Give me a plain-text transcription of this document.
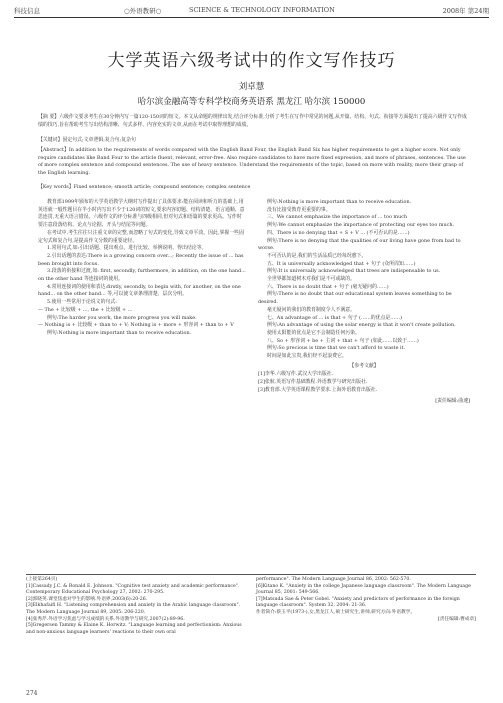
科技信息	○外语教研○	SCIENCE & TECHNOLOGY INFORMATION	2008年 第24期
大学英语六级考试中的作文写作技巧
刘卓慧
哈尔滨金融高等专科学校商务英语系 黑龙江 哈尔滨 150000
【摘 要】六级作文要求考生在30分钟内写一篇120-150词的短文。本文从命题的规律出发,结合评分标准,分析了考生在写作中常见的问题,从开篇、结构、句式、衔接等方面提出了提高六级作文写作成绩的技巧,旨在帮助考生写出结构清晰、句式多样、内容充实的文章,从而在考试中取得理想的成绩。
【关键词】固定句式;文章逻辑;复合句;复杂句
【Abstract】In addition to the requirements of words compared with the English Band Four, the English Band Six has higher requirements to get a higher score. Not only require candidates like Band Four to the article fluent, relevant, error-free. Also require candidates to have more fixed expression, and more of phrases, sentences. The use of more complex sentence and compound sentences. The use of heavy sentence. Understand the requirements of the topic, based on more with reality, more their grasp of the English learning.
【Key words】Fixed sentence; smooth article; compound sentence; complex sentence

教育部1999年颁布的大学英语教学大纲对写作提出了具体要求:能在阅读和听力的基础上,用英语就一般性题目在半小时内写出不少于120词的短文,要求内容切题、结构清楚、语言通顺、意思连贯,无重大语言错误。六级作文的评分标准与四级相同,但对句式和语篇的要求更高。写作时要注意段落结构、论点与论据、开头与结尾等问题。

在考试中,考生往往只注重文章的完整,而忽略了句式的变化,导致文章平淡。因此,掌握一些固定句式和复合句,是提高作文分数的重要途径。

1.常用句式,如:引出话题、提出观点、进行比较、举例说明、得出结论等。

2.引出话题的表达:There is a growing concern over...; Recently the issue of ... has been brought into focus.

3.段落的衔接和过渡,如: first, secondly, furthermore, in addition, on the one hand... on the other hand 等连接词的使用。

4.常用连接词的使用和表达:firstly, secondly, to begin with, for another, on the one hand... on the other hand... 等,可以使文章条理清楚、层次分明。

5.使用一些常用于论说文的句式:

— The + 比较级 + ..., the + 比较级 + ...

例句:The harder you work, the more progress you will make.

— Nothing is + 比较级 + than to + V; Nothing is + more + 形容词 + than to + V

例句:Nothing is more important than to receive education.

例句:Nothing is more important than to receive education.

没有比接受教育更重要的事。

三、We cannot emphasize the importance of ... too much

例句:We cannot emphasize the importance of protecting our eyes too much.

四、There is no denying that + S + V ... (不可否认的是……)

例句:There is no denying that the qualities of our living have gone from bad to worse.

不可否认的是,我们的生活品质已经每况愈下。

五、It is universally acknowledged that + 句子 (众所周知……)

例句:It is universally acknowledged that trees are indispensable to us.

全世界都知道树木对我们是不可或缺的。

六、There is no doubt that + 句子 (毫无疑问的……)

例句:There is no doubt that our educational system leaves something to be desired.

毫无疑问的我们的教育制度令人不满意。

七、An advantage of ... is that + 句子 (……的优点是……)

例句:An advantage of using the solar energy is that it won't create pollution.

使用太阳能的优点是它不会制造任何污染。

八、So + 形容词 + be + 主词 + that + 句子 (如此……以致于……)

例句:So precious is time that we can't afford to waste it.

时间是如此宝贵,我们经不起浪费它。

【参考文献】

[1]李华.六级写作.武汉大学出版社.

[2]张航.英语写作基础教程.外语教学与研究出版社.

[3]教育部.大学英语课程教学要求.上海外语教育出版社.

[责任编辑:曲速]
(上接第264页)
[1]Cassady J.C. & Ronald E. Johnson. "Cognitive test anxiety and academic performance". Contemporary Educational Psychology 27, 2002: 270-295.
[2]郭晓英.课堂焦虑对学生的影响.外语界,2003(6):20-26.
[3]Elkhafaifi H. "Listening comprehension and anxiety in the Arabic language classroom". The Modern Language Journal 89, 2005: 206-220.
[4]张秀芹.外语学习焦虑与学习成绩的关系.外语教学与研究,2007(2):89-96.
[5]Gregersen Tammy & Elaine K. Horwitz. "Language learning and perfectionism: Anxious and non-anxious language learners' reactions to their own oral
performance". The Modern Language Journal 86, 2002: 562-570.
[6]Kitano K. "Anxiety in the college Japanese language classroom". The Modern Language Journal 85, 2001: 549-566.
[7]Matsuda Sae & Peter Gobel. "Anxiety and predictors of performance in the foreign language classroom". System 32, 2004: 21-36.
作者简介:蔡玉平(1973-),女,黑龙江人,硕士研究生,讲师,研究方向:外语教学。
[责任编辑:曹成章]
274
